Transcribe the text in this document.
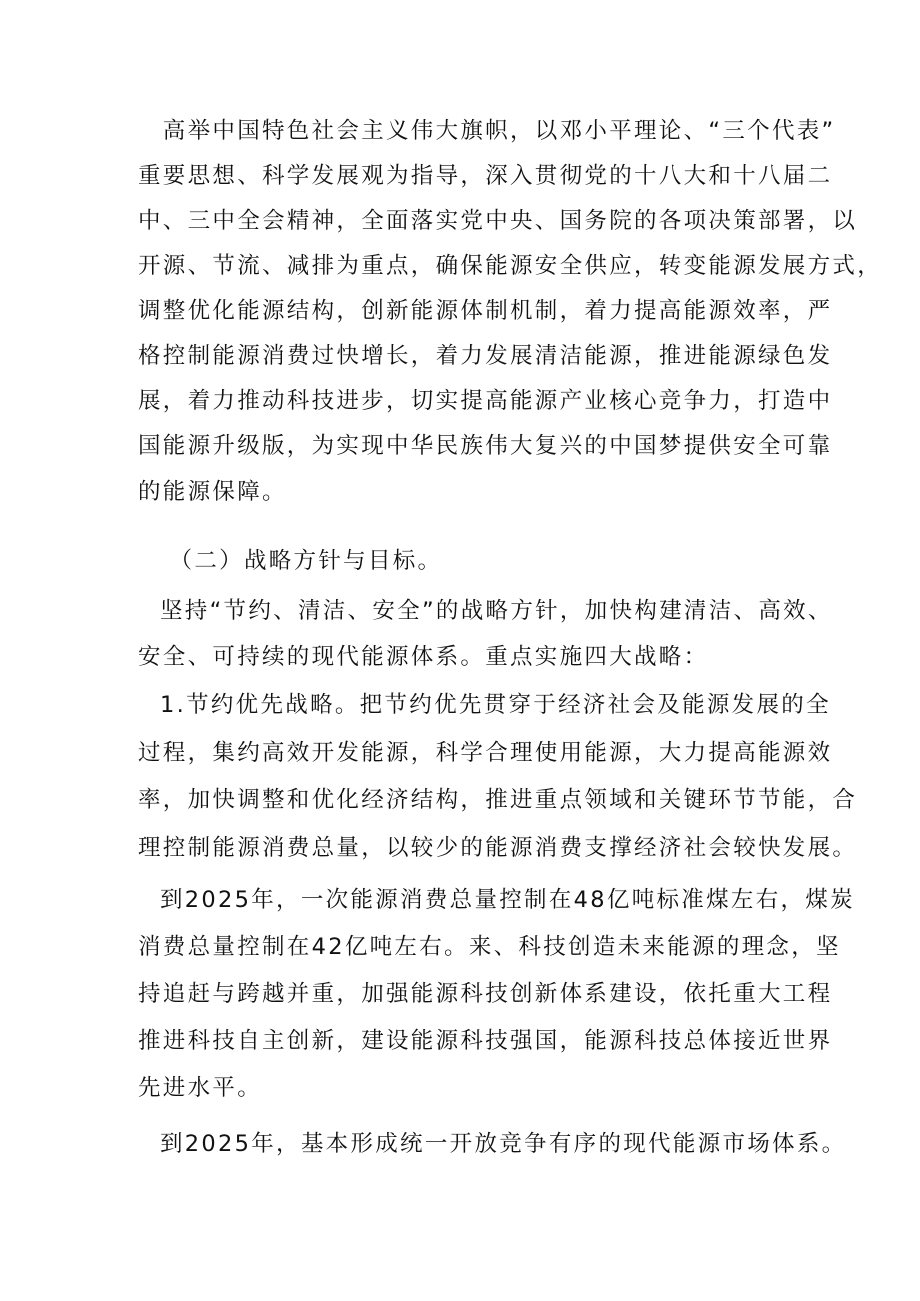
　高举中国特色社会主义伟大旗帜，以邓小平理论、“三个代表”
重要思想、科学发展观为指导，深入贯彻党的十八大和十八届二
中、三中全会精神，全面落实党中央、国务院的各项决策部署，以
开源、节流、减排为重点，确保能源安全供应，转变能源发展方式，
调整优化能源结构，创新能源体制机制，着力提高能源效率，严
格控制能源消费过快增长，着力发展清洁能源，推进能源绿色发
展，着力推动科技进步，切实提高能源产业核心竞争力，打造中
国能源升级版，为实现中华民族伟大复兴的中国梦提供安全可靠
的能源保障。
　（二）战略方针与目标。
坚持“节约、清洁、安全”的战略方针，加快构建清洁、高效、
安全、可持续的现代能源体系。重点实施四大战略：
1.节约优先战略。把节约优先贯穿于经济社会及能源发展的全
过程，集约高效开发能源，科学合理使用能源，大力提高能源效
率，加快调整和优化经济结构，推进重点领域和关键环节节能，合
理控制能源消费总量，以较少的能源消费支撑经济社会较快发展。
到2025年，一次能源消费总量控制在48亿吨标准煤左右，煤炭
消费总量控制在42亿吨左右。来、科技创造未来能源的理念，坚
持追赶与跨越并重，加强能源科技创新体系建设，依托重大工程
推进科技自主创新，建设能源科技强国，能源科技总体接近世界
先进水平。
到2025年，基本形成统一开放竞争有序的现代能源市场体系。
